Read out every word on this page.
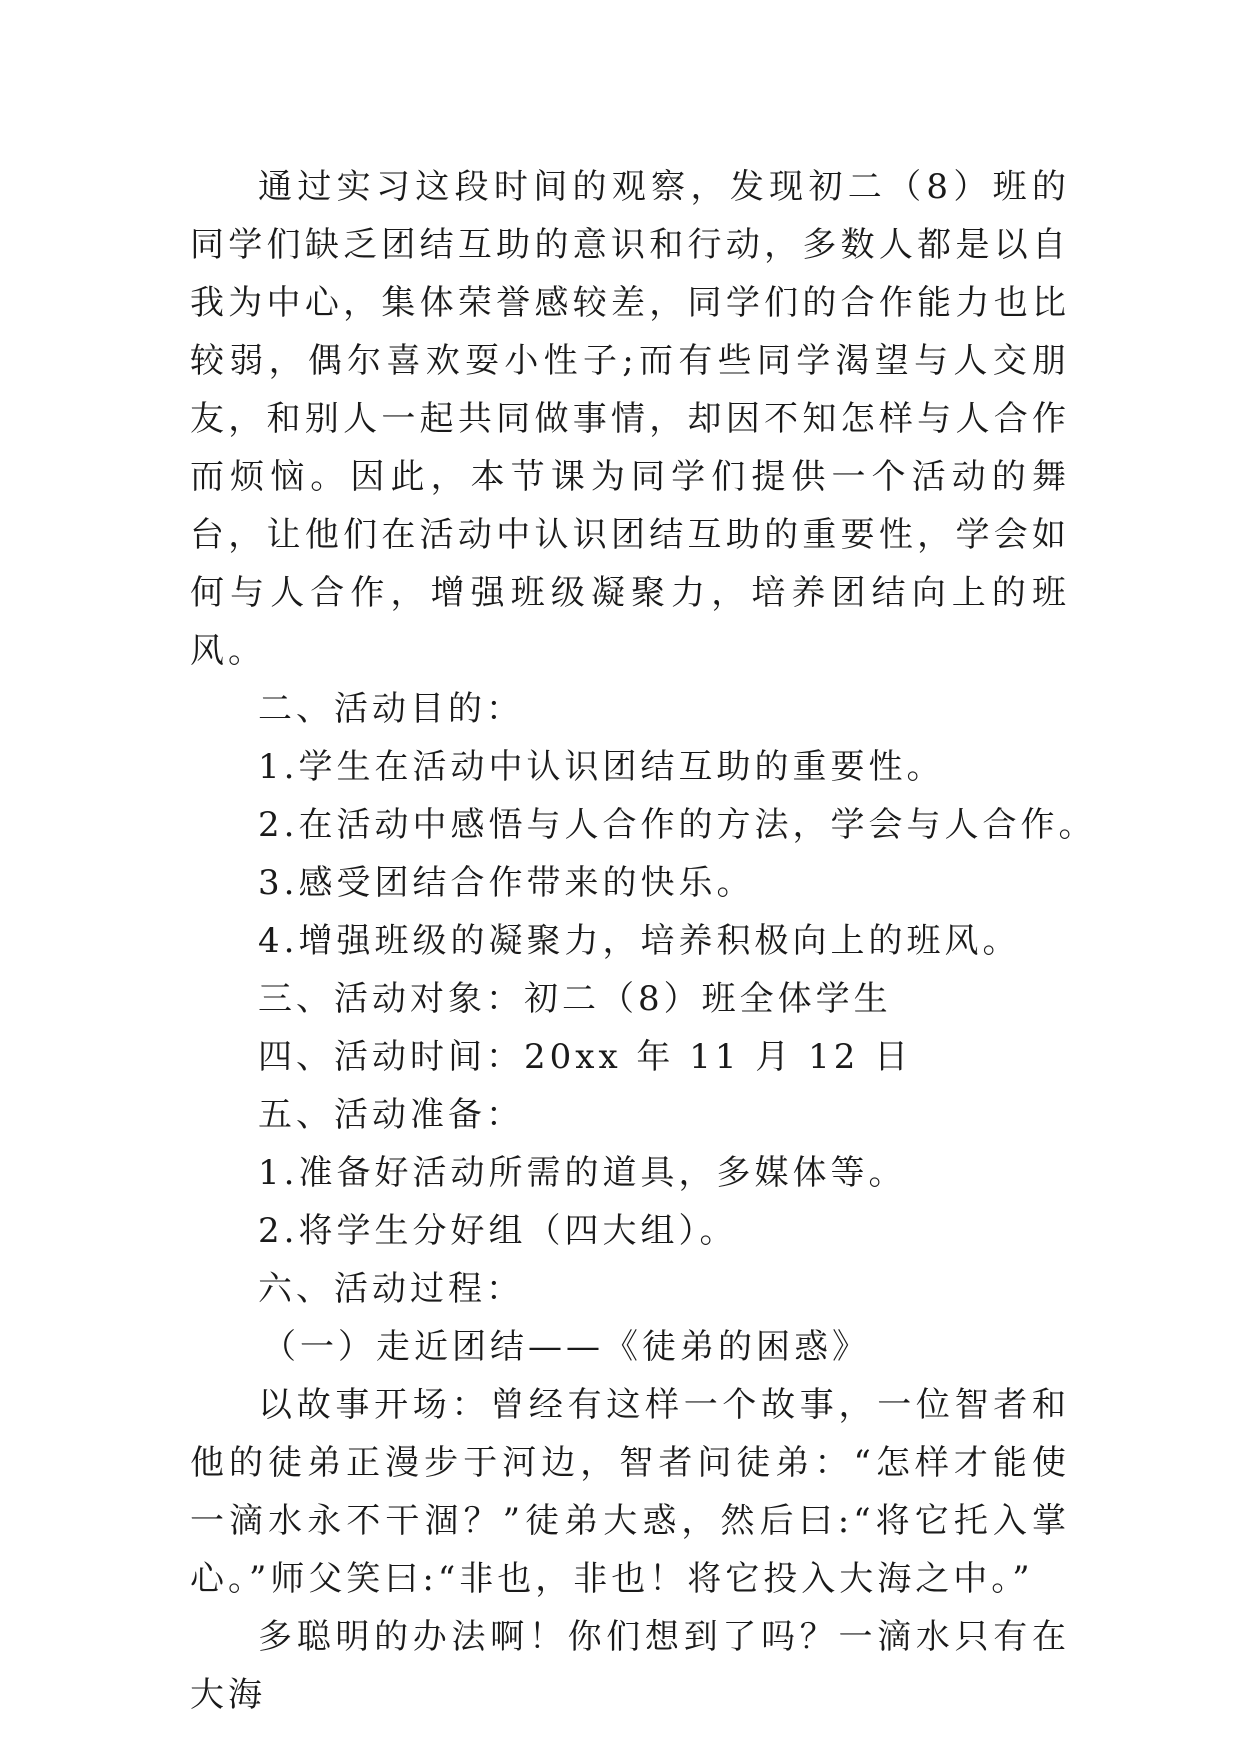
通过实习这段时间的观察，发现初二（8）班的同学们缺乏团结互助的意识和行动，多数人都是以自我为中心，集体荣誉感较差，同学们的合作能力也比较弱，偶尔喜欢耍小性子;而有些同学渴望与人交朋友，和别人一起共同做事情，却因不知怎样与人合作而烦恼。因此，本节课为同学们提供一个活动的舞台，让他们在活动中认识团结互助的重要性，学会如何与人合作，增强班级凝聚力，培养团结向上的班风。

二、活动目的：

1.学生在活动中认识团结互助的重要性。

2.在活动中感悟与人合作的方法，学会与人合作。

3.感受团结合作带来的快乐。

4.增强班级的凝聚力，培养积极向上的班风。

三、活动对象：初二（8）班全体学生

四、活动时间：20xx 年 11 月 12 日

五、活动准备：

1.准备好活动所需的道具，多媒体等。

2.将学生分好组（四大组）。

六、活动过程：

（一）走近团结——《徒弟的困惑》

以故事开场：曾经有这样一个故事，一位智者和他的徒弟正漫步于河边，智者问徒弟：“怎样才能使一滴水永不干涸？”徒弟大惑，然后曰:“将它托入掌心。”师父笑曰:“非也，非也！将它投入大海之中。”

多聪明的办法啊！你们想到了吗？一滴水只有在大海
